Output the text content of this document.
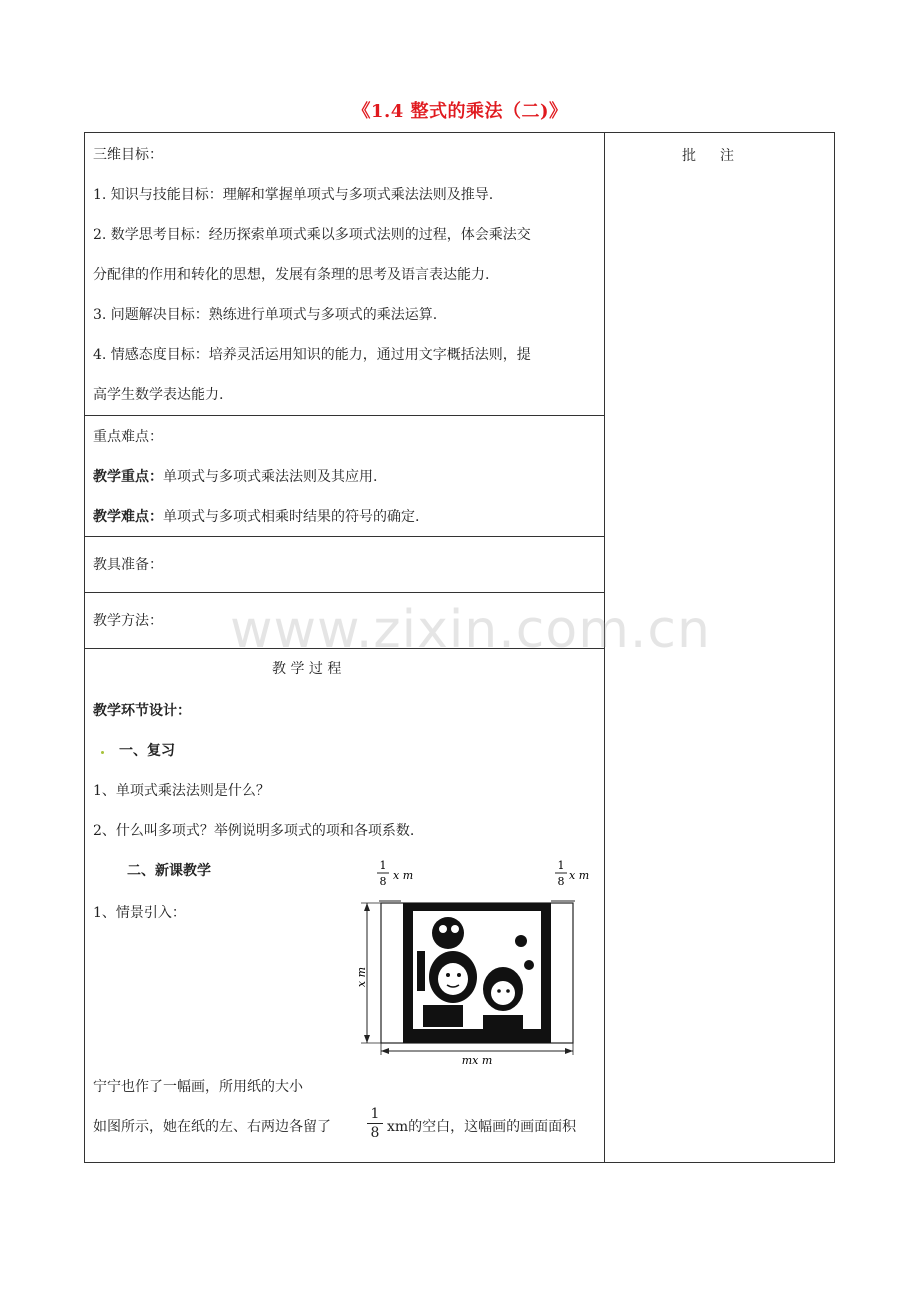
《1.4 整式的乘法（二)》
批注
三维目标：
1. 知识与技能目标：理解和掌握单项式与多项式乘法法则及推导.
2. 数学思考目标：经历探索单项式乘以多项式法则的过程，体会乘法交
分配律的作用和转化的思想，发展有条理的思考及语言表达能力.
3. 问题解决目标：熟练进行单项式与多项式的乘法运算.
4. 情感态度目标：培养灵活运用知识的能力，通过用文字概括法则，提
高学生数学表达能力.
重点难点：
教学重点：单项式与多项式乘法法则及其应用.
教学难点：单项式与多项式相乘时结果的符号的确定.
教具准备：
教学方法：
教 学 过 程
教学环节设计：
一、复习
1、单项式乘法法则是什么？
2、什么叫多项式？举例说明多项式的项和各项系数.
二、新课教学
1、情景引入：
宁宁也作了一幅画，所用纸的大小
如图所示，她在纸的左、右两边各留了	$\frac{1}{8}$ xm的空白，这幅画的画面面积
1
8 x m
1
8 x m
x m
mx m
www.zixin.com.cn
